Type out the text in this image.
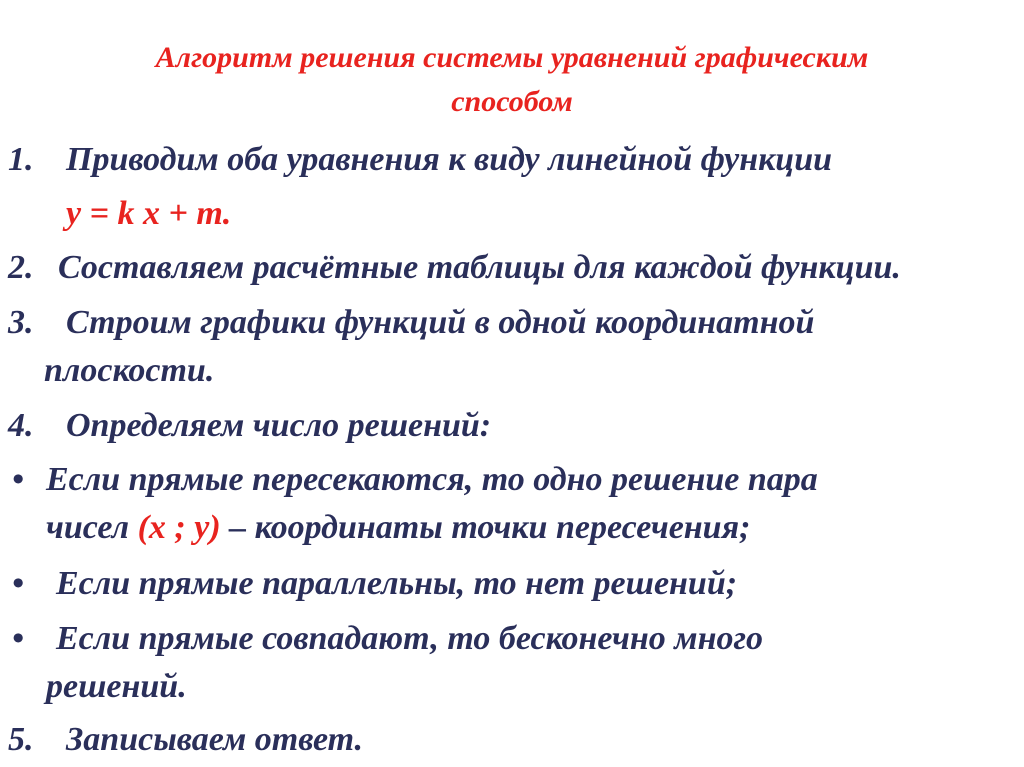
Алгоритм решения системы уравнений графическим
способом
1. Приводим оба уравнения к виду линейной функции
y = k x + m.
2. Составляем расчётные таблицы для каждой функции.
3. Строим графики функций в одной координатной
плоскости.
4. Определяем число решений:
• Если прямые пересекаются, то одно решение пара
чисел (x ; y) – координаты точки пересечения;
• Если прямые параллельны, то нет решений;
• Если прямые совпадают, то бесконечно много
решений.
5. Записываем ответ.
